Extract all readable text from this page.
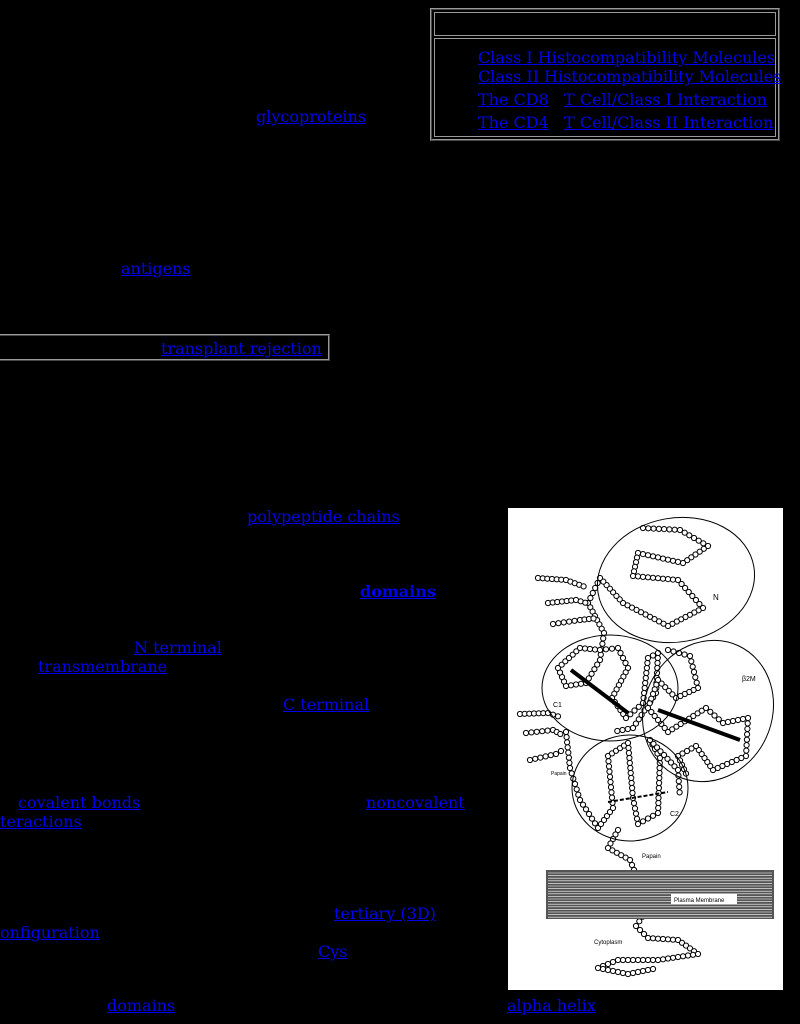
Class I Histocompatibility Molecules
Class II Histocompatibility Molecules
The CD8 T Cell/Class I Interaction
The CD4 T Cell/Class II Interaction
glycoproteins
antigens
transplant rejection
polypeptide chains
domains
N terminal
transmembrane
C terminal
covalent bonds	noncovalent
teractions
tertiary (3D)
onfiguration
Cys
domains	alpha helix
N
β2M
C1
C2
Papain
Papain
Plasma Membrane
Cytoplasm
